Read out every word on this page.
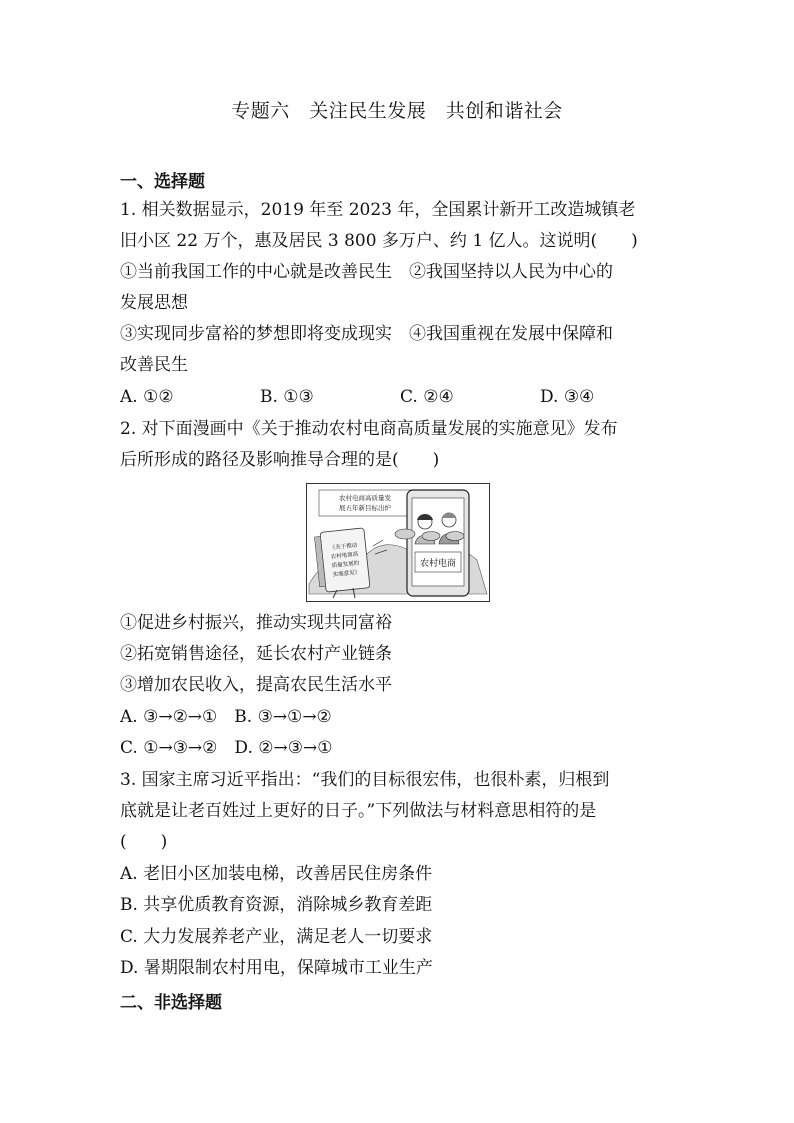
专题六　关注民生发展　共创和谐社会
一、选择题
1. 相关数据显示，2019 年至 2023 年，全国累计新开工改造城镇老
旧小区 22 万个，惠及居民 3 800 多万户、约 1 亿人。这说明(　　)
①当前我国工作的中心就是改善民生　②我国坚持以人民为中心的
发展思想
③实现同步富裕的梦想即将变成现实　④我国重视在发展中保障和
改善民生
A. ①②	B. ①③	C. ②④	D. ③④
2. 对下面漫画中《关于推动农村电商高质量发展的实施意见》发布
后所形成的路径及影响推导合理的是(　　)
农村电商高质量发
展五年新目标出炉
《关于推动
农村电商高
质量发展的
实施意见》
农村电商
①促进乡村振兴，推动实现共同富裕
②拓宽销售途径，延长农村产业链条
③增加农民收入，提高农民生活水平
A. ③→②→①　B. ③→①→②
C. ①→③→②　D. ②→③→①
3. 国家主席习近平指出：“我们的目标很宏伟，也很朴素，归根到
底就是让老百姓过上更好的日子。”下列做法与材料意思相符的是
(　　)
A. 老旧小区加装电梯，改善居民住房条件
B. 共享优质教育资源，消除城乡教育差距
C. 大力发展养老产业，满足老人一切要求
D. 暑期限制农村用电，保障城市工业生产
二、非选择题
